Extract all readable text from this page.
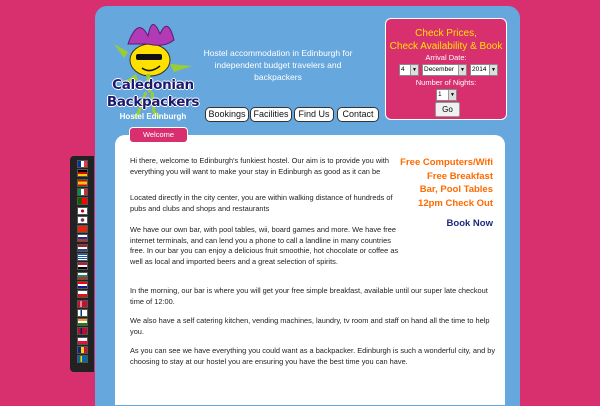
Caledonian
Backpackers
Hostel Edinburgh
Hostel accommodation in Edinburgh for independent budget travelers and backpackers
Check Prices,
Check Availability & Book
Arrival Date:
4	▼	December	▼	2014 ▼
Number of Nights:
1	▼
Go
Bookings Facilities	Find Us	Contact
Welcome
Hi there, welcome to Edinburgh's funkiest hostel. Our aim is to provide you with everything you will want to make your stay in Edinburgh as good as it can be
Located directly in the city center, you are within walking distance of hundreds of pubs and clubs and shops and restaurants
We have our own bar, with pool tables, wii, board games and more. We have free internet terminals, and can lend you a phone to call a landline in many countries free. In our bar you can enjoy a delicious fruit smoothie, hot chocolate or coffee as well as local and imported beers and a great selection of spirits.
In the morning, our bar is where you will get your free simple breakfast, available until our super late checkout time of 12:00.
We also have a self catering kitchen, vending machines, laundry, tv room and staff on hand all the time to help you.
As you can see we have everything you could want as a backpacker. Edinburgh is such a wonderful city, and by choosing to stay at our hostel you are ensuring you have the best time you can have.
Free Computers/Wifi
Free Breakfast
Bar, Pool Tables
12pm Check Out
Book Now
